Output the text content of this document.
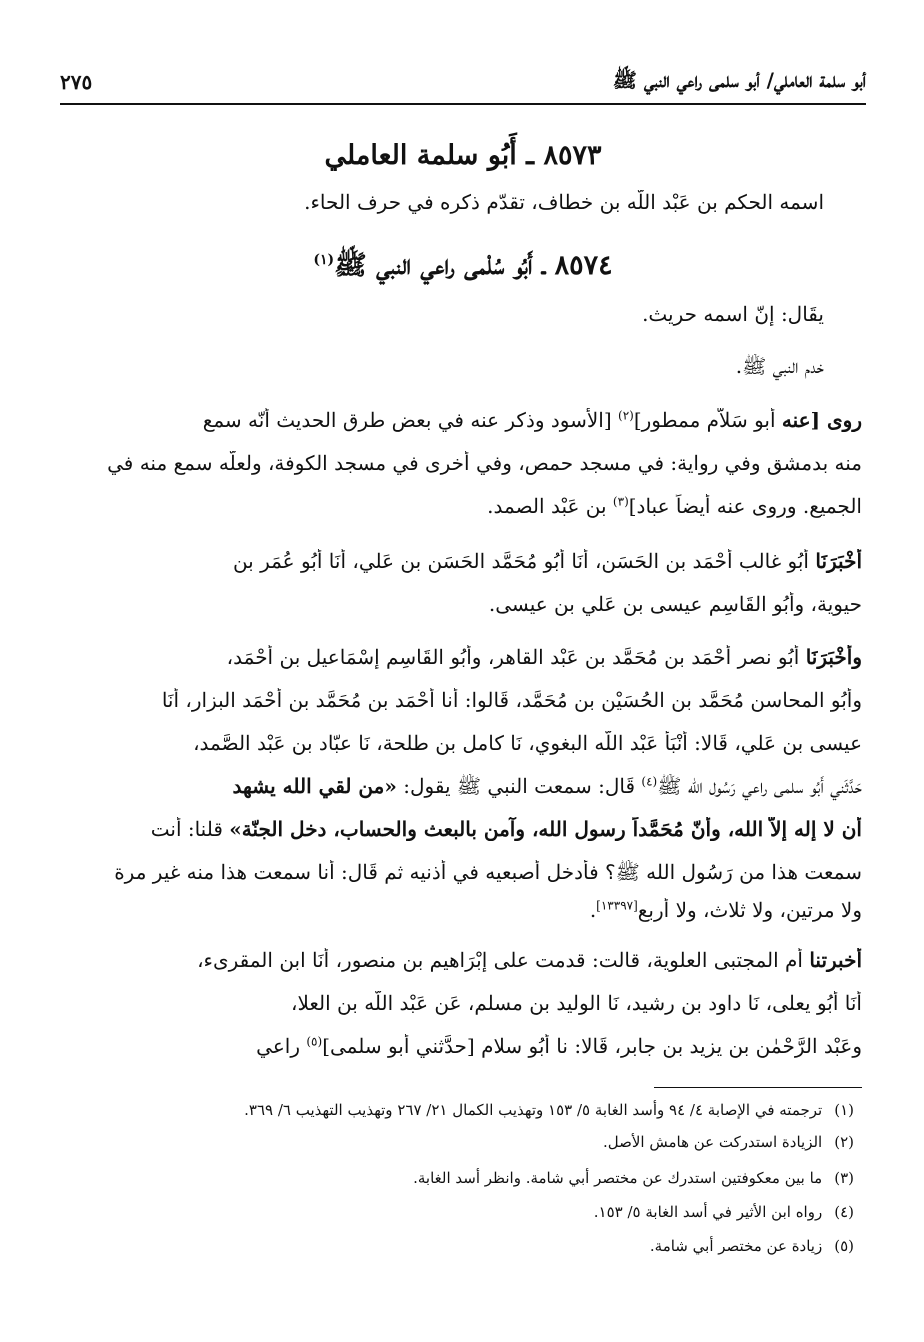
أبو سلمة العاملي/ أبو سلمى راعي النبي ﷺ
٢٧٥
٨٥٧٣ ـ أَبُو سلمة العاملي
اسمه الحكم بن عَبْد اللّه بن خطاف، تقدّم ذكره في حرف الحاء.
٨٥٧٤ ـ أَبُو سُلْمى راعي النبي ﷺ$^{(١)}$
يقَال: إنّ اسمه حريث.
خدم النبي ﷺ.
روى [عنه أبو سَلاّم ممطور]$^{(٢)}$ [الأسود وذكر عنه في بعض طرق الحديث أنّه سمع
منه بدمشق وفي رواية: في مسجد حمص، وفي أخرى في مسجد الكوفة، ولعلّه سمع منه في
الجميع. وروى عنه أيضاً عباد]$^{(٣)}$ بن عَبْد الصمد.
أَخْبَرَنَا أَبُو غالب أَحْمَد بن الحَسَن، أَنَا أَبُو مُحَمَّد الحَسَن بن عَلي، أَنَا أَبُو عُمَر بن
حيوية، وأَبُو القَاسِم عيسى بن عَلي بن عيسى.
وأَخْبَرَنَا أَبُو نصر أَحْمَد بن مُحَمَّد بن عَبْد القاهر، وأَبُو القَاسِم إسْمَاعيل بن أَحْمَد،
وأَبُو المحاسن مُحَمَّد بن الحُسَيْن بن مُحَمَّد، قَالوا: أنا أَحْمَد بن مُحَمَّد بن أَحْمَد البزار، أَنَا
عيسى بن عَلي، قَالا: أَنْبَأ عَبْد اللّه البغوي، نَا كامل بن طلحة، نَا عبّاد بن عَبْد الصَّمد،
حَدَّثَني أَبُو سلمى راعي رَسُول الله ﷺ$^{(٤)}$ قَال: سمعت النبي ﷺ يقول: «من لقي الله يشهد
أن لا إله إلاّ الله، وأنّ مُحَمَّداً رسول الله، وآمن بالبعث والحساب، دخل الجنّة» قلنا: أنت
سمعت هذا من رَسُول الله ﷺ؟ فأدخل أصبعيه في أذنيه ثم قَال: أنا سمعت هذا منه غير مرة
ولا مرتين، ولا ثلاث، ولا أربع[١٣٣٩٧].
أخبرتنا أم المجتبى العلوية، قالت: قدمت على إبْرَاهيم بن منصور، أَنَا ابن المقرىء،
أَنَا أَبُو يعلى، نَا داود بن رشيد، نَا الوليد بن مسلم، عَن عَبْد اللّه بن العلا،
وعَبْد الرَّحْمٰن بن يزيد بن جابر، قَالا: نا أَبُو سلام [حدَّثني أَبو سلمى]$^{(٥)}$ راعي
(١)ترجمته في الإصابة ٤/ ٩٤ وأسد الغابة ٥/ ١٥٣ وتهذيب الكمال ٢١/ ٢٦٧ وتهذيب التهذيب ٦/ ٣٦٩.
(٢)الزيادة استدركت عن هامش الأصل.
(٣)ما بين معكوفتين استدرك عن مختصر أبي شامة. وانظر أسد الغابة.
(٤)رواه ابن الأثير في أسد الغابة ٥/ ١٥٣.
(٥)زيادة عن مختصر أبي شامة.
